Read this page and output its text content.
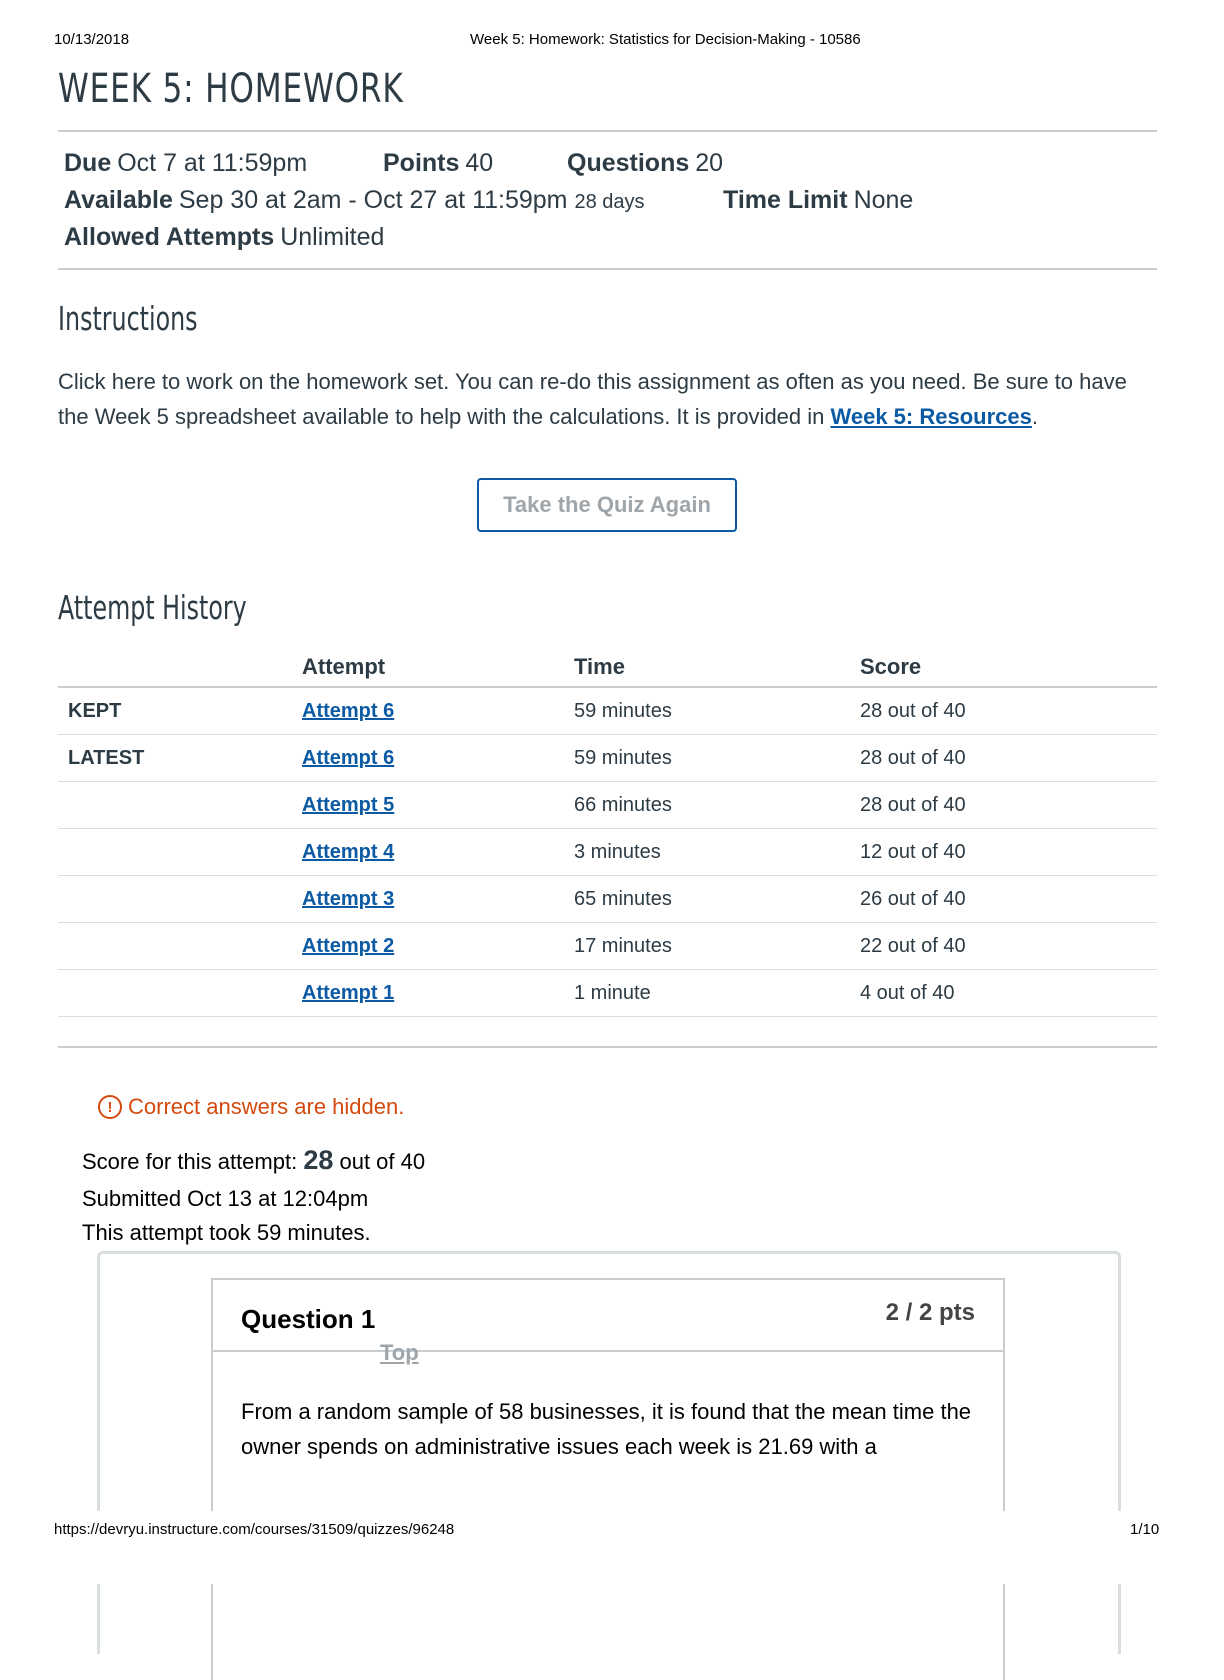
10/13/2018	Week 5: Homework: Statistics for Decision-Making - 10586
WEEK 5: HOMEWORK
Due Oct 7 at 11:59pm	Points 40	Questions 20
Available Sep 30 at 2am - Oct 27 at 11:59pm 28 days	Time Limit None
Allowed Attempts Unlimited
Instructions
Click here to work on the homework set. You can re-do this assignment as often as you need. Be sure to have the Week 5 spreadsheet available to help with the calculations. It is provided in Week 5: Resources.
Take the Quiz Again
Attempt History
	Attempt	Time	Score
KEPT	Attempt 6	59 minutes	28 out of 40
LATEST	Attempt 6	59 minutes	28 out of 40
	Attempt 5	66 minutes	28 out of 40
	Attempt 4	3 minutes	12 out of 40
	Attempt 3	65 minutes	26 out of 40
	Attempt 2	17 minutes	22 out of 40
	Attempt 1	1 minute	4 out of 40
! Correct answers are hidden.
Score for this attempt: 28 out of 40
Submitted Oct 13 at 12:04pm
This attempt took 59 minutes.
Question 1	2 / 2 pts
Top
From a random sample of 58 businesses, it is found that the mean time the owner spends on administrative issues each week is 21.69 with a
https://devryu.instructure.com/courses/31509/quizzes/96248	1/10
